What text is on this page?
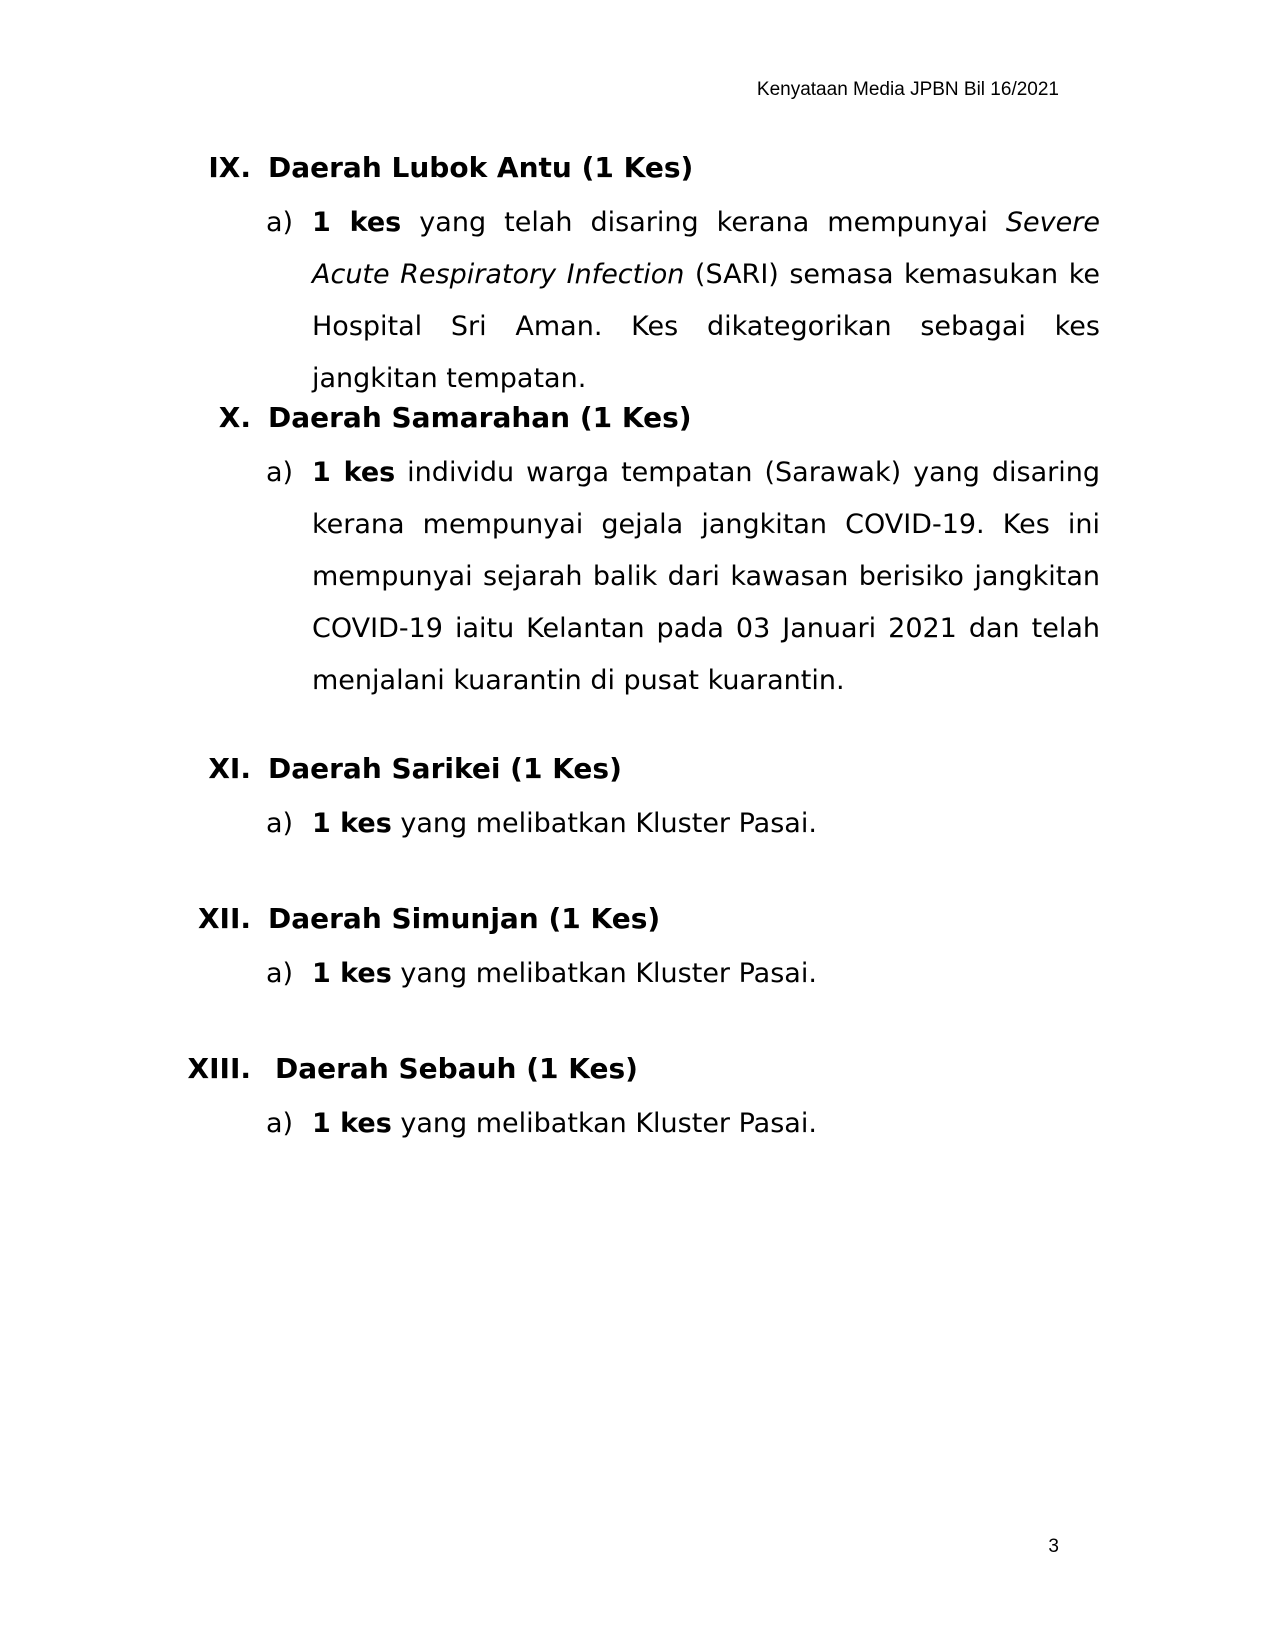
Kenyataan Media JPBN Bil 16/2021
IX. Daerah Lubok Antu (1 Kes)
a) 1 kes yang telah disaring kerana mempunyai Severe Acute Respiratory Infection (SARI) semasa kemasukan ke Hospital Sri Aman. Kes dikategorikan sebagai kes jangkitan tempatan.
X. Daerah Samarahan (1 Kes)
a) 1 kes individu warga tempatan (Sarawak) yang disaring kerana mempunyai gejala jangkitan COVID-19. Kes ini mempunyai sejarah balik dari kawasan berisiko jangkitan COVID-19 iaitu Kelantan pada 03 Januari 2021 dan telah menjalani kuarantin di pusat kuarantin.
XI. Daerah Sarikei (1 Kes)
a) 1 kes yang melibatkan Kluster Pasai.
XII. Daerah Simunjan (1 Kes)
a) 1 kes yang melibatkan Kluster Pasai.
XIII. Daerah Sebauh (1 Kes)
a) 1 kes yang melibatkan Kluster Pasai.
3
